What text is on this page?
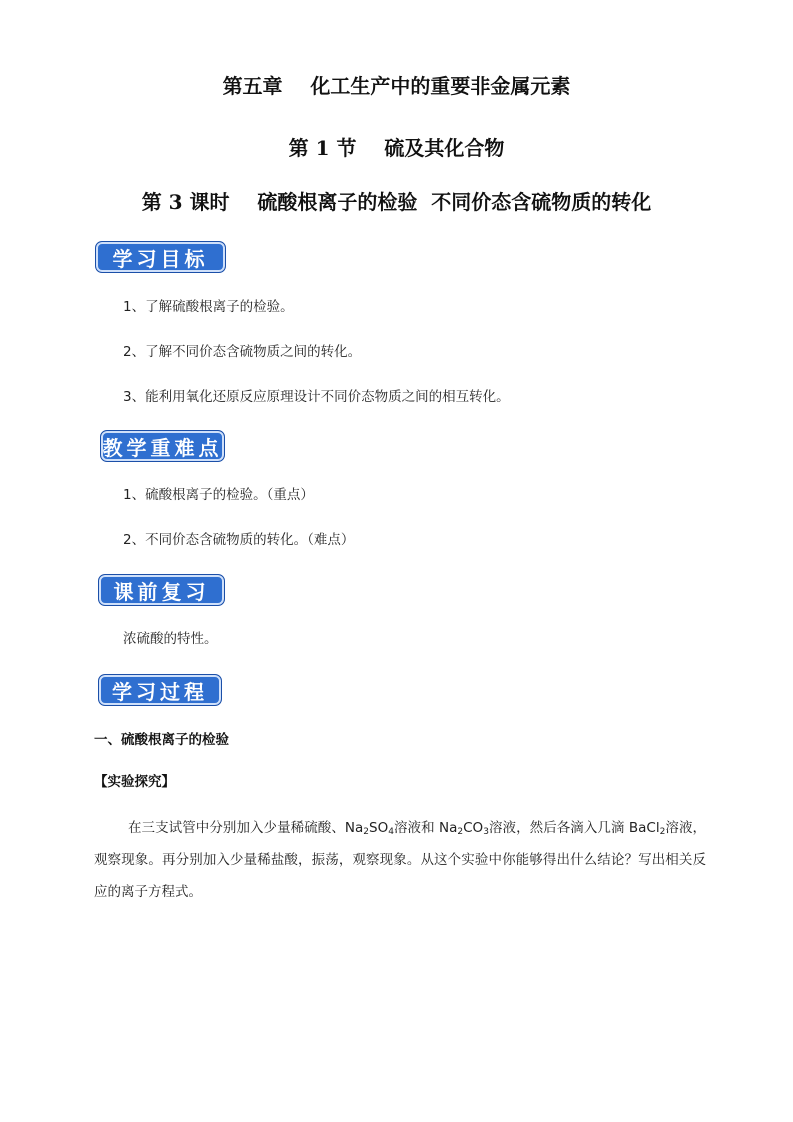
第五章    化工生产中的重要非金属元素
第 1 节    硫及其化合物
第 3 课时    硫酸根离子的检验  不同价态含硫物质的转化
学习目标
1、了解硫酸根离子的检验。
2、了解不同价态含硫物质之间的转化。
3、能利用氧化还原反应原理设计不同价态物质之间的相互转化。
教学重难点
1、硫酸根离子的检验。（重点）
2、不同价态含硫物质的转化。（难点）
课前复习
浓硫酸的特性。
学习过程
一、硫酸根离子的检验
【实验探究】
在三支试管中分别加入少量稀硫酸、$Na_2SO_4$溶液和 $Na_2CO_3$溶液，然后各滴入几滴 BaCl$_2$溶液，观察现象。再分别加入少量稀盐酸，振荡，观察现象。从这个实验中你能够得出什么结论？写出相关反应的离子方程式。
